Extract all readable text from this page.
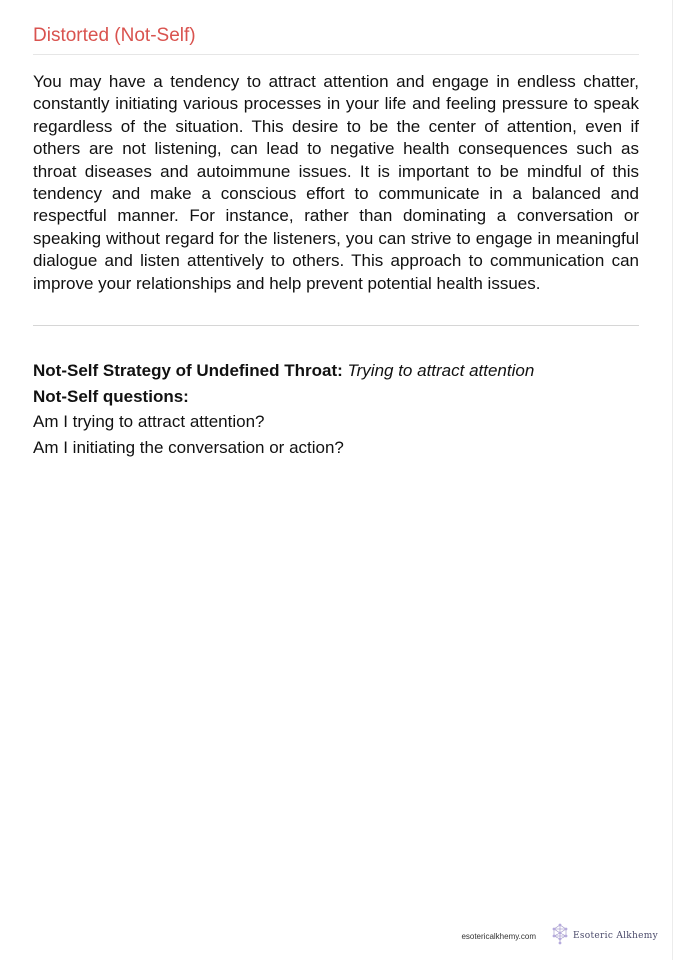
Distorted (Not-Self)
You may have a tendency to attract attention and engage in endless chatter, constantly initiating various processes in your life and feeling pressure to speak regardless of the situation. This desire to be the center of attention, even if others are not listening, can lead to negative health consequences such as throat diseases and autoimmune issues. It is important to be mindful of this tendency and make a conscious effort to communicate in a balanced and respectful manner. For instance, rather than dominating a conversation or speaking without regard for the listeners, you can strive to engage in meaningful dialogue and listen attentively to others. This approach to communication can improve your relationships and help prevent potential health issues.
Not-Self Strategy of Undefined Throat: Trying to attract attention
Not-Self questions:
Am I trying to attract attention?
Am I initiating the conversation or action?
esotericalkhemy.com	Esoteric Alkhemy
